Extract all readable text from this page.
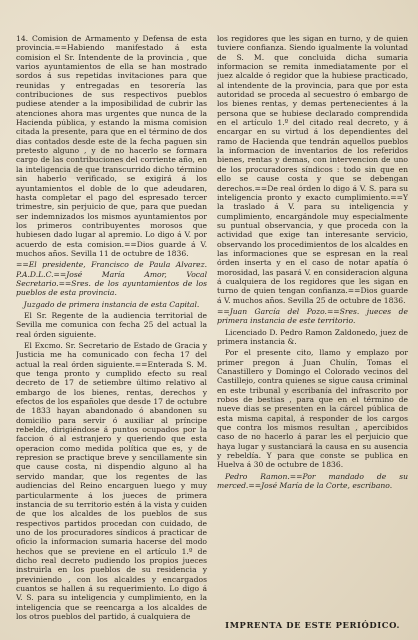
14. Comision de Armamento y Defensa de esta provincia.==Habiendo manifestado á esta comision el Sr. Intendente de la provincia , que varios ayuntamientos de ella se han mostrado sordos á sus repetidas invitaciones para que reunidas y entregadas en tesorería las contribuciones de sus respectivos pueblos pudiese atender a la imposibilidad de cubrir las atenciones ahora mas urgentes que nunca de la Hacienda pública, y estando la misma comision citada la presente, para que en el término de dos dias contados desde este de la fecha paguen sin pretesto alguno , y de no hacerlo se formara cargo de las contribuciones del corriente año, en la inteligencia de que transcurrido dicho término sin haberlo verificado, se exigirá á los ayuntamientos el doble de lo que adeudaren, hasta completar el pago del espresado tercer trimestre, sin perjuicio de que, para que puedan ser indemnizados los mismos ayuntamientos por los primeros contribuyentes morosos que hubiesen dado lugar al apremio. Lo digo á V. por acuerdo de esta comision.==Dios guarde á V. muchos años. Sevilla 11 de octubre de 1836.

==El presidente, Francisco de Paula Alvarez. P.A.D.L.C.==José María Amor, Vocal Secretario.==Sres. de los ayuntamientos de los pueblos de esta provincia.

Juzgado de primera instancia de esta Capital.

El Sr. Regente de la audiencia territorial de Sevilla me comunica con fecha 25 del actual la real órden siguiente.

El Excmo. Sr. Secretario de Estado de Gracia y Justicia me ha comunicado con fecha 17 del actual la real órden siguiente.==Enterada S. M. que tenga pronto y cumplido efecto su real decreto de 17 de setiembre último relativo al embargo de los bienes, rentas, derechos y efectos de los españoles que desde 17 de octubre de 1833 hayan abandonado ó abandonen su domicilio para servir ó auxiliar al príncipe rebelde, dirigiéndose á puntos ocupados por la faccion ó al estranjero y queriendo que esta operacion como medida política que es, y de represion se practique breve y sencillamente sin que cause costa, ni dispendio alguno al ha servido mandar, que los regentes de las audiencias del Reino encarguen luego y muy particularmente á los jueces de primera instancia de su territorio estén á la vista y cuiden de que los alcaldes de los pueblos de sus respectivos partidos procedan con cuidado, de uno de los procuradores síndicos á practicar de oficio la informacion sumaria hacerse del modo hechos que se previene en el artículo 1.º de dicho real decreto pudiendo los propios jueces instruirla en los pueblos de su residencia y previniendo , con los alcaldes y encargados cuantos se hallen á su requerimiento. Lo digo á V. S. para su inteligencia y cumplimiento, en la inteligencia que se reencarga a los alcaldes de los otros pueblos del partido, á cualquiera de

los regidores que les sigan en turno, y de quien tuviere confianza. Siendo igualmente la voluntad de S. M. que concluida dicha sumaria informacion se remita inmediatamente por el juez alcalde ó regidor que la hubiese practicado, al intendente de la provincia, para que por esta autoridad se proceda al secuestro ó embargo de los bienes rentas, y demas pertenecientes á la persona que se hubiese declarado comprendida en el artículo 1.º del citado real decreto, y á encargar en su virtud á los dependientes del ramo de Hacienda que tendrán aquellos pueblos la informacion de inventarios de los referidos bienes, rentas y demas, con intervencion de uno de los procuradores síndicos : todo sin que en ello se cause costa y que se debengan derechos.==De real órden lo digo á V. S. para su inteligencia pronto y exacto cumplimiento.==Y la traslado á V. para su inteligencia y cumplimiento, encargándole muy especialmente su puntual observancia, y que proceda con la actividad que exige tan interesante servicio, observando los procedimientos de los alcaldes en las informaciones que se espresan en la real órden inserta y en el caso de notar apatía ó morosidad, las pasará V. en consideracion alguna á cualquiera de los regidores que les sigan en turno de quien tengan confianza.==Dios guarde á V. muchos años. Sevilla 25 de octubre de 1836.

==Juan García del Pozo.==Sres. jueces de primera instancia de este territorio.

Licenciado D. Pedro Ramon Zaldonedo, juez de primera instancia &.

Por el presente cito, llamo y emplazo por primer pregon á Juan Chulín, Tomas el Canastillero y Domingo el Colorado vecinos del Castillejo, contra quienes se sigue causa criminal en este tribunal y escribanía del infrascrito por robos de bestias , para que en el término de nueve dias se presenten en la cárcel pública de esta misma capital, á responder de los cargos que contra los mismos resultan , apercibidos caso de no hacerlo á parar les el perjuicio que haya lugar y sustanciará la causa en su ausencia y rebeldía. Y para que conste se publica en Huelva á 30 de octubre de 1836.

Pedro Ramon.==Por mandado de su merced.==José María de la Corte, escribano.

IMPRENTA DE ESTE PERIÓDICO.
